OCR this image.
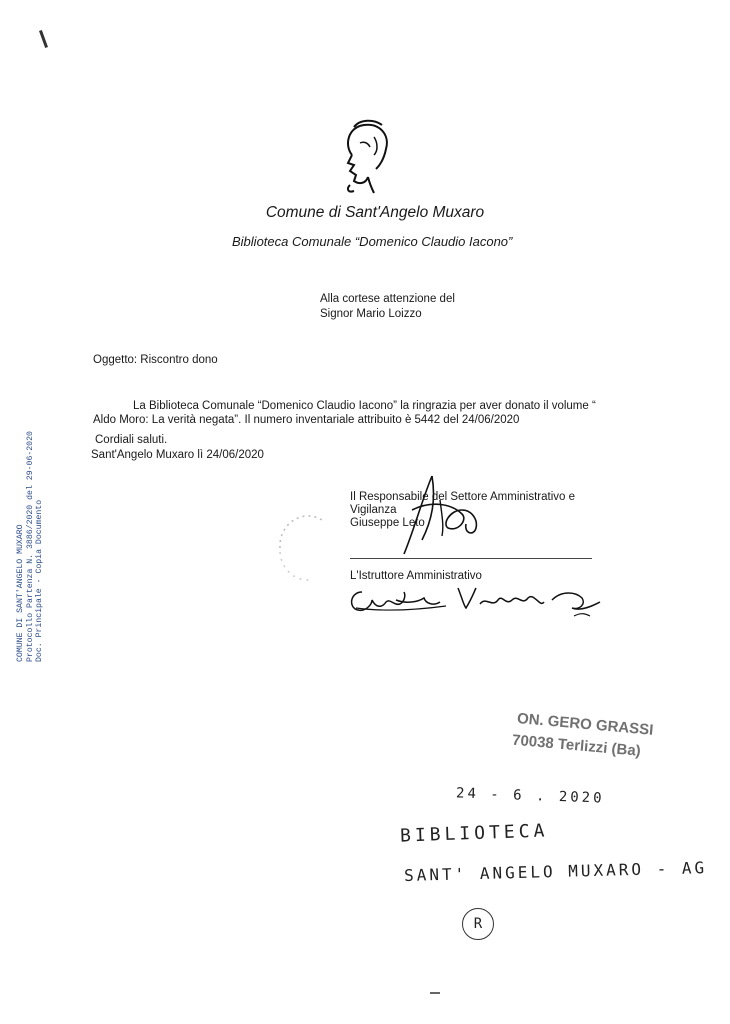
Comune di Sant'Angelo Muxaro
Biblioteca Comunale “Domenico Claudio Iacono”
Alla cortese attenzione del
Signor Mario Loizzo
Oggetto: Riscontro dono
La Biblioteca Comunale “Domenico Claudio Iacono” la ringrazia per aver donato il volume “
Aldo Moro: La verità negata”. Il numero inventariale attribuito è 5442 del 24/06/2020
Cordiali saluti.
Sant'Angelo Muxaro lì 24/06/2020
Il Responsabile del Settore Amministrativo e
Vigilanza
Giuseppe Leto
L'Istruttore Amministrativo
COMUNE DI SANT'ANGELO MUXARO Protocollo Partenza N. 3886/2020 del 29-06-2020 Doc. Principale - Copia Documento
ON. GERO GRASSI
70038 Terlizzi (Ba)
24 - 6 . 2020
BIBLIOTECA
SANT' ANGELO MUXARO - AG
R
